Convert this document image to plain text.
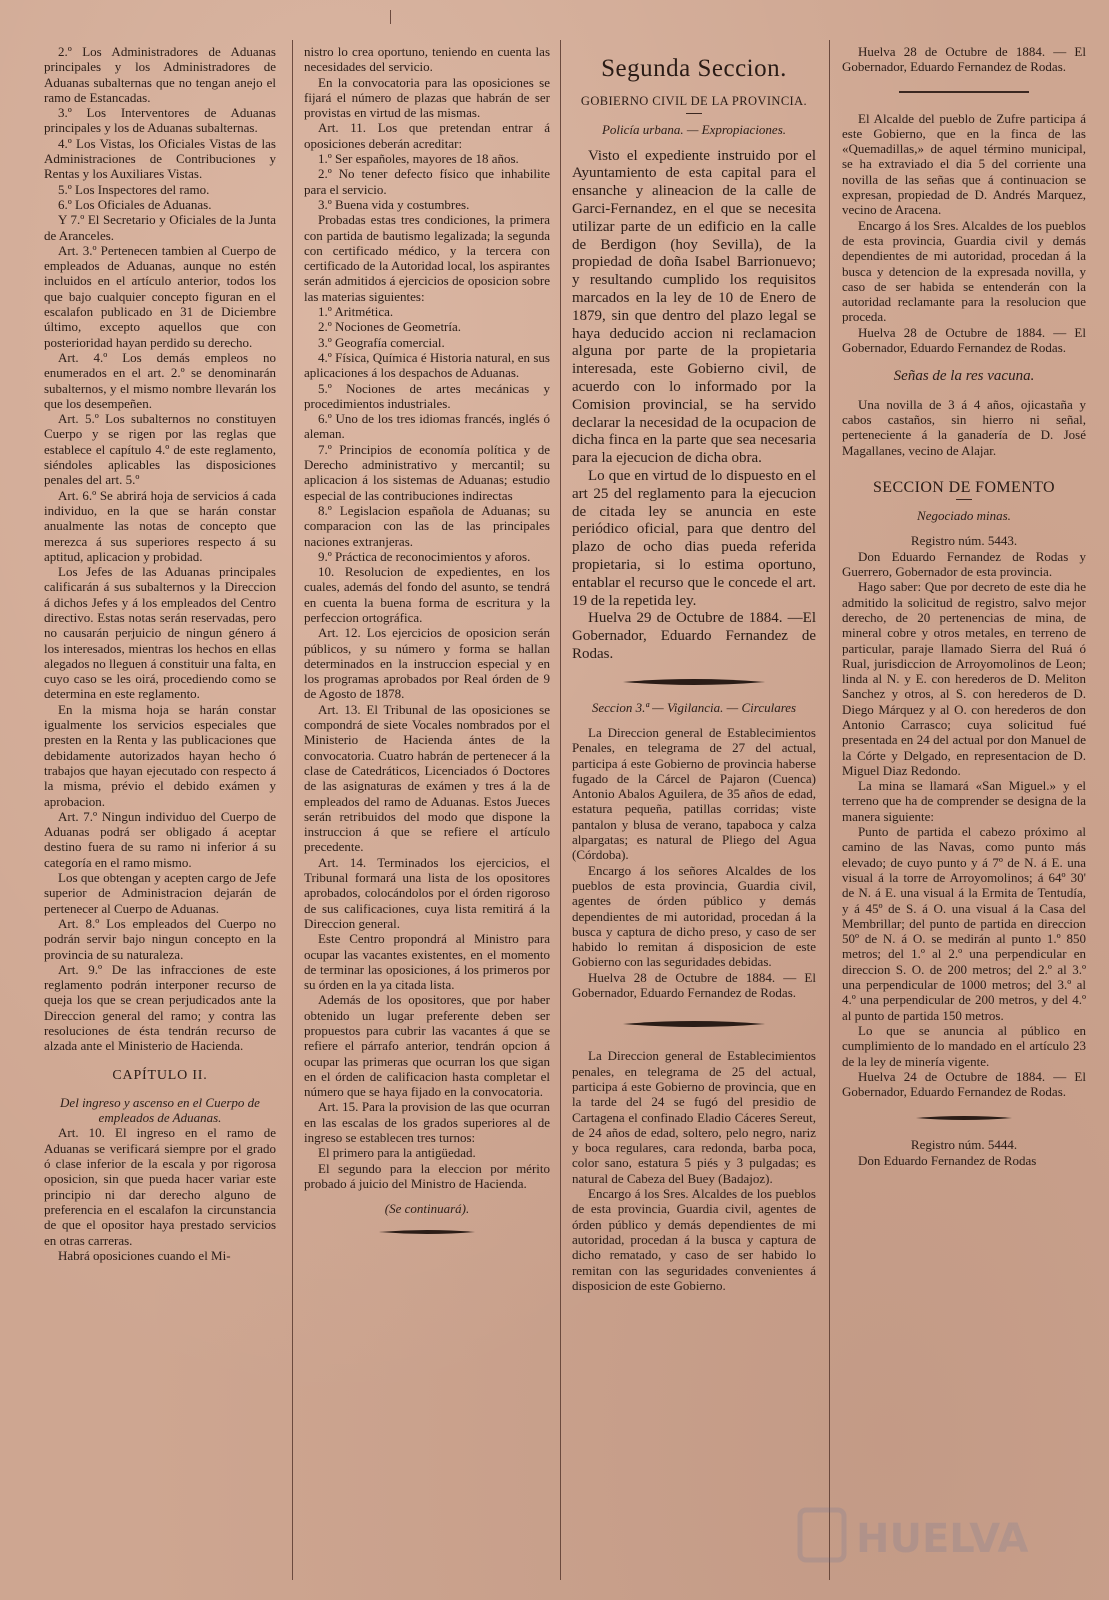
2.º Los Administradores de Aduanas principales y los Administradores de Aduanas subalternas que no tengan anejo el ramo de Estancadas.

3.º Los Interventores de Aduanas principales y los de Aduanas subalternas.

4.º Los Vistas, los Oficiales Vistas de las Administraciones de Contribuciones y Rentas y los Auxiliares Vistas.

5.º Los Inspectores del ramo.

6.º Los Oficiales de Aduanas.

Y 7.º El Secretario y Oficiales de la Junta de Aranceles.

Art. 3.º Pertenecen tambien al Cuerpo de empleados de Aduanas, aunque no estén incluidos en el artículo anterior, todos los que bajo cualquier concepto figuran en el escalafon publicado en 31 de Diciembre último, excepto aquellos que con posterioridad hayan perdido su derecho.

Art. 4.º Los demás empleos no enumerados en el art. 2.º se denominarán subalternos, y el mismo nombre llevarán los que los desempeñen.

Art. 5.º Los subalternos no constituyen Cuerpo y se rigen por las reglas que establece el capítulo 4.º de este reglamento, siéndoles aplicables las disposiciones penales del art. 5.º

Art. 6.º Se abrirá hoja de servicios á cada individuo, en la que se harán constar anualmente las notas de concepto que merezca á sus superiores respecto á su aptitud, aplicacion y probidad.

Los Jefes de las Aduanas principales calificarán á sus subalternos y la Direccion á dichos Jefes y á los empleados del Centro directivo. Estas notas serán reservadas, pero no causarán perjuicio de ningun género á los interesados, mientras los hechos en ellas alegados no lleguen á constituir una falta, en cuyo caso se les oirá, procediendo como se determina en este reglamento.

En la misma hoja se harán constar igualmente los servicios especiales que presten en la Renta y las publicaciones que debidamente autorizados hayan hecho ó trabajos que hayan ejecutado con respecto á la misma, prévio el debido exámen y aprobacion.

Art. 7.º Ningun individuo del Cuerpo de Aduanas podrá ser obligado á aceptar destino fuera de su ramo ni inferior á su categoría en el ramo mismo.

Los que obtengan y acepten cargo de Jefe superior de Administracion dejarán de pertenecer al Cuerpo de Aduanas.

Art. 8.º Los empleados del Cuerpo no podrán servir bajo ningun concepto en la provincia de su naturaleza.

Art. 9.º De las infracciones de este reglamento podrán interponer recurso de queja los que se crean perjudicados ante la Direccion general del ramo; y contra las resoluciones de ésta tendrán recurso de alzada ante el Ministerio de Hacienda.

CAPÍTULO II.

Del ingreso y ascenso en el Cuerpo de empleados de Aduanas.

Art. 10. El ingreso en el ramo de Aduanas se verificará siempre por el grado ó clase inferior de la escala y por rigorosa oposicion, sin que pueda hacer variar este principio ni dar derecho alguno de preferencia en el escalafon la circunstancia de que el opositor haya prestado servicios en otras carreras.

Habrá oposiciones cuando el Mi-

nistro lo crea oportuno, teniendo en cuenta las necesidades del servicio.

En la convocatoria para las oposiciones se fijará el número de plazas que habrán de ser provistas en virtud de las mismas.

Art. 11. Los que pretendan entrar á oposiciones deberán acreditar:

1.º Ser españoles, mayores de 18 años.

2.º No tener defecto físico que inhabilite para el servicio.

3.º Buena vida y costumbres.

Probadas estas tres condiciones, la primera con partida de bautismo legalizada; la segunda con certificado médico, y la tercera con certificado de la Autoridad local, los aspirantes serán admitidos á ejercicios de oposicion sobre las materias siguientes:

1.º Aritmética.

2.º Nociones de Geometría.

3.º Geografía comercial.

4.º Física, Química é Historia natural, en sus aplicaciones á los despachos de Aduanas.

5.º Nociones de artes mecánicas y procedimientos industriales.

6.º Uno de los tres idiomas francés, inglés ó aleman.

7.º Principios de economía política y de Derecho administrativo y mercantil; su aplicacion á los sistemas de Aduanas; estudio especial de las contribuciones indirectas

8.º Legislacion española de Aduanas; su comparacion con las de las principales naciones extranjeras.

9.º Práctica de reconocimientos y aforos.

10. Resolucion de expedientes, en los cuales, además del fondo del asunto, se tendrá en cuenta la buena forma de escritura y la perfeccion ortográfica.

Art. 12. Los ejercicios de oposicion serán públicos, y su número y forma se hallan determinados en la instruccion especial y en los programas aprobados por Real órden de 9 de Agosto de 1878.

Art. 13. El Tribunal de las oposiciones se compondrá de siete Vocales nombrados por el Ministerio de Hacienda ántes de la convocatoria. Cuatro habrán de pertenecer á la clase de Catedráticos, Licenciados ó Doctores de las asignaturas de exámen y tres á la de empleados del ramo de Aduanas. Estos Jueces serán retribuidos del modo que dispone la instruccion á que se refiere el artículo precedente.

Art. 14. Terminados los ejercicios, el Tribunal formará una lista de los opositores aprobados, colocándolos por el órden rigoroso de sus calificaciones, cuya lista remitirá á la Direccion general.

Este Centro propondrá al Ministro para ocupar las vacantes existentes, en el momento de terminar las oposiciones, á los primeros por su órden en la ya citada lista.

Además de los opositores, que por haber obtenido un lugar preferente deben ser propuestos para cubrir las vacantes á que se refiere el párrafo anterior, tendrán opcion á ocupar las primeras que ocurran los que sigan en el órden de calificacion hasta completar el número que se haya fijado en la convocatoria.

Art. 15. Para la provision de las que ocurran en las escalas de los grados superiores al de ingreso se establecen tres turnos:

El primero para la antigüedad.

El segundo para la eleccion por mérito probado á juicio del Ministro de Hacienda.

(Se continuará).

Segunda Seccion.
GOBIERNO CIVIL DE LA PROVINCIA.

Policía urbana. — Expropiaciones.

Visto el expediente instruido por el Ayuntamiento de esta capital para el ensanche y alineacion de la calle de Garci-Fernandez, en el que se necesita utilizar parte de un edificio en la calle de Berdigon (hoy Sevilla), de la propiedad de doña Isabel Barrionuevo; y resultando cumplido los requisitos marcados en la ley de 10 de Enero de 1879, sin que dentro del plazo legal se haya deducido accion ni reclamacion alguna por parte de la propietaria interesada, este Gobierno civil, de acuerdo con lo informado por la Comision provincial, se ha servido declarar la necesidad de la ocupacion de dicha finca en la parte que sea necesaria para la ejecucion de dicha obra.

Lo que en virtud de lo dispuesto en el art 25 del reglamento para la ejecucion de citada ley se anuncia en este periódico oficial, para que dentro del plazo de ocho dias pueda referida propietaria, si lo estima oportuno, entablar el recurso que le concede el art. 19 de la repetida ley.

Huelva 29 de Octubre de 1884. —El Gobernador, Eduardo Fernandez de Rodas.

Seccion 3.ª — Vigilancia. — Circulares

La Direccion general de Establecimientos Penales, en telegrama de 27 del actual, participa á este Gobierno de provincia haberse fugado de la Cárcel de Pajaron (Cuenca) Antonio Abalos Aguilera, de 35 años de edad, estatura pequeña, patillas corridas; viste pantalon y blusa de verano, tapaboca y calza alpargatas; es natural de Pliego del Agua (Córdoba).

Encargo á los señores Alcaldes de los pueblos de esta provincia, Guardia civil, agentes de órden público y demás dependientes de mi autoridad, procedan á la busca y captura de dicho preso, y caso de ser habido lo remitan á disposicion de este Gobierno con las seguridades debidas.

Huelva 28 de Octubre de 1884. — El Gobernador, Eduardo Fernandez de Rodas.

La Direccion general de Establecimientos penales, en telegrama de 25 del actual, participa á este Gobierno de provincia, que en la tarde del 24 se fugó del presidio de Cartagena el confinado Eladio Cáceres Sereut, de 24 años de edad, soltero, pelo negro, nariz y boca regulares, cara redonda, barba poca, color sano, estatura 5 piés y 3 pulgadas; es natural de Cabeza del Buey (Badajoz).

Encargo á los Sres. Alcaldes de los pueblos de esta provincia, Guardia civil, agentes de órden público y demás dependientes de mi autoridad, procedan á la busca y captura de dicho rematado, y caso de ser habido lo remitan con las seguridades convenientes á disposicion de este Gobierno.

Huelva 28 de Octubre de 1884. — El Gobernador, Eduardo Fernandez de Rodas.

El Alcalde del pueblo de Zufre participa á este Gobierno, que en la finca de las «Quemadillas,» de aquel término municipal, se ha extraviado el dia 5 del corriente una novilla de las señas que á continuacion se expresan, propiedad de D. Andrés Marquez, vecino de Aracena.

Encargo á los Sres. Alcaldes de los pueblos de esta provincia, Guardia civil y demás dependientes de mi autoridad, procedan á la busca y detencion de la expresada novilla, y caso de ser habida se entenderán con la autoridad reclamante para la resolucion que proceda.

Huelva 28 de Octubre de 1884. — El Gobernador, Eduardo Fernandez de Rodas.

Señas de la res vacuna.

Una novilla de 3 á 4 años, ojicastaña y cabos castaños, sin hierro ni señal, perteneciente á la ganadería de D. José Magallanes, vecino de Alajar.

SECCION DE FOMENTO

Negociado minas.

Registro núm. 5443.

Don Eduardo Fernandez de Rodas y Guerrero, Gobernador de esta provincia.

Hago saber: Que por decreto de este dia he admitido la solicitud de registro, salvo mejor derecho, de 20 pertenencias de mina, de mineral cobre y otros metales, en terreno de particular, paraje llamado Sierra del Ruá ó Rual, jurisdiccion de Arroyomolinos de Leon; linda al N. y E. con herederos de D. Meliton Sanchez y otros, al S. con herederos de D. Diego Márquez y al O. con herederos de don Antonio Carrasco; cuya solicitud fué presentada en 24 del actual por don Manuel de la Córte y Delgado, en representacion de D. Miguel Diaz Redondo.

La mina se llamará «San Miguel.» y el terreno que ha de comprender se designa de la manera siguiente:

Punto de partida el cabezo próximo al camino de las Navas, como punto más elevado; de cuyo punto y á 7º de N. á E. una visual á la torre de Arroyomolinos; á 64º 30' de N. á E. una visual á la Ermita de Tentudía, y á 45º de S. á O. una visual á la Casa del Membrillar; del punto de partida en direccion 50º de N. á O. se medirán al punto 1.º 850 metros; del 1.º al 2.º una perpendicular en direccion S. O. de 200 metros; del 2.º al 3.º una perpendicular de 1000 metros; del 3.º al 4.º una perpendicular de 200 metros, y del 4.º al punto de partida 150 metros.

Lo que se anuncia al público en cumplimiento de lo mandado en el artículo 23 de la ley de minería vigente.

Huelva 24 de Octubre de 1884. — El Gobernador, Eduardo Fernandez de Rodas.

Registro núm. 5444.

Don Eduardo Fernandez de Rodas

HUELVA
